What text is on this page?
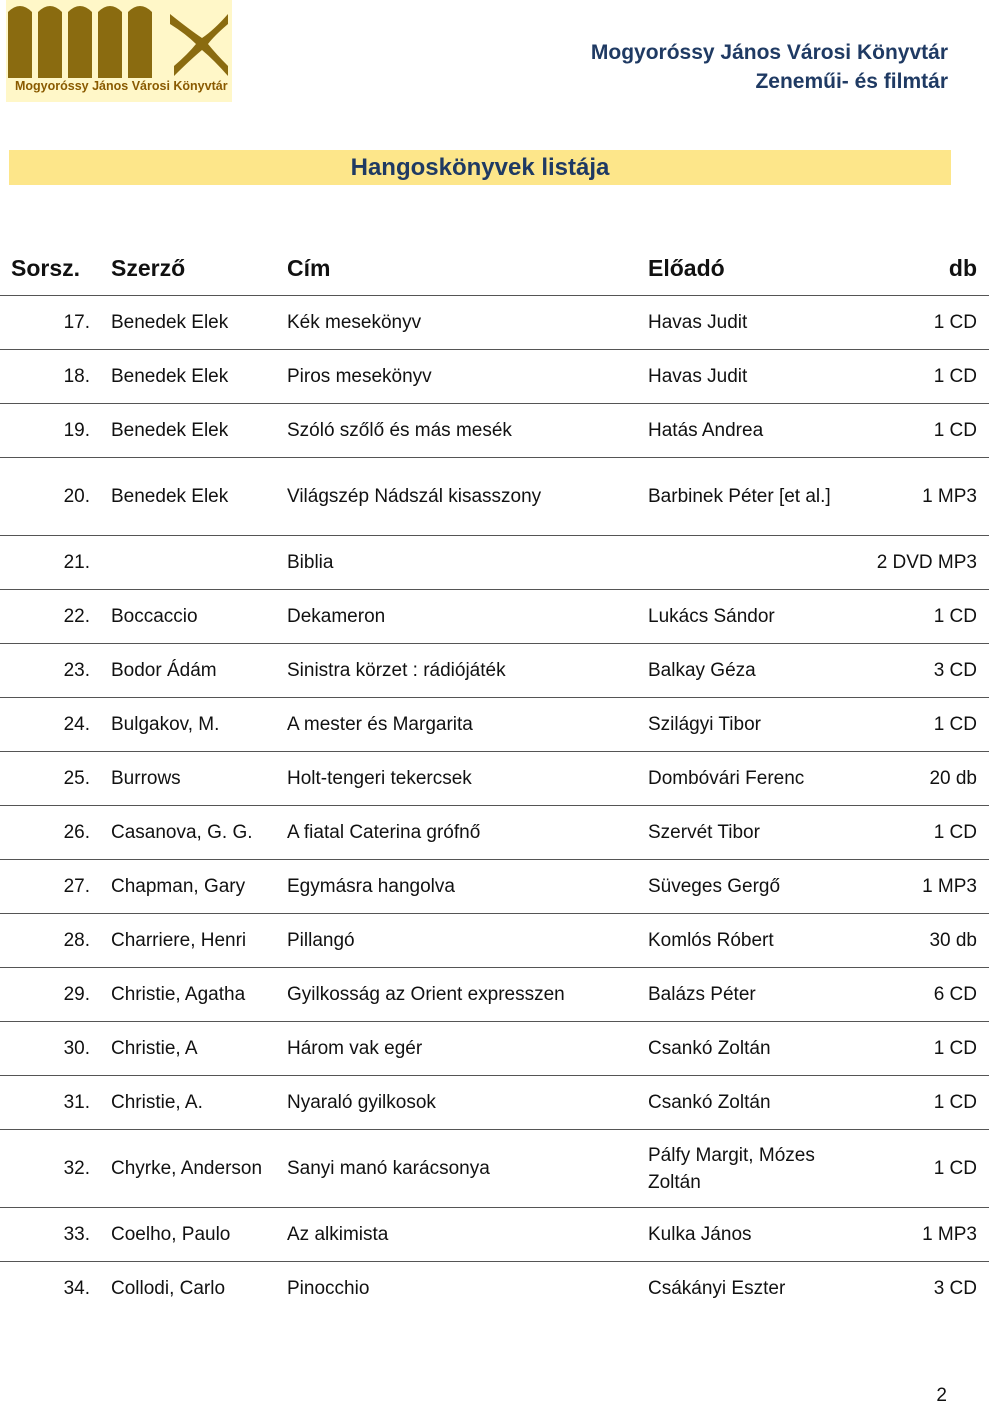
Mogyoróssy János Városi Könyvtár
Mogyoróssy János Városi Könyvtár
Zeneműi- és filmtár
Hangoskönyvek listája
Sorsz.	Szerző	Cím	Előadó	db
17.	Benedek Elek	Kék mesekönyv	Havas Judit	1 CD
18.	Benedek Elek	Piros mesekönyv	Havas Judit	1 CD
19.	Benedek Elek	Szóló szőlő és más mesék	Hatás Andrea	1 CD
20.	Benedek Elek	Világszép Nádszál kisasszony	Barbinek Péter [et al.]	1 MP3
21.		Biblia		2 DVD MP3
22.	Boccaccio	Dekameron	Lukács Sándor	1 CD
23.	Bodor Ádám	Sinistra körzet : rádiójáték	Balkay Géza	3 CD
24.	Bulgakov, M.	A mester és Margarita	Szilágyi Tibor	1 CD
25.	Burrows	Holt-tengeri tekercsek	Dombóvári Ferenc	20 db
26.	Casanova, G. G.	A fiatal Caterina grófnő	Szervét Tibor	1 CD
27.	Chapman, Gary	Egymásra hangolva	Süveges Gergő	1 MP3
28.	Charriere, Henri	Pillangó	Komlós Róbert	30 db
29.	Christie, Agatha	Gyilkosság az Orient expresszen	Balázs Péter	6 CD
30.	Christie, A	Három vak egér	Csankó Zoltán	1 CD
31.	Christie, A.	Nyaraló gyilkosok	Csankó Zoltán	1 CD
32.	Chyrke, Anderson	Sanyi manó karácsonya	Pálfy Margit, Mózes Zoltán	1 CD
33.	Coelho, Paulo	Az alkimista	Kulka János	1 MP3
34.	Collodi, Carlo	Pinocchio	Csákányi Eszter	3 CD
2
